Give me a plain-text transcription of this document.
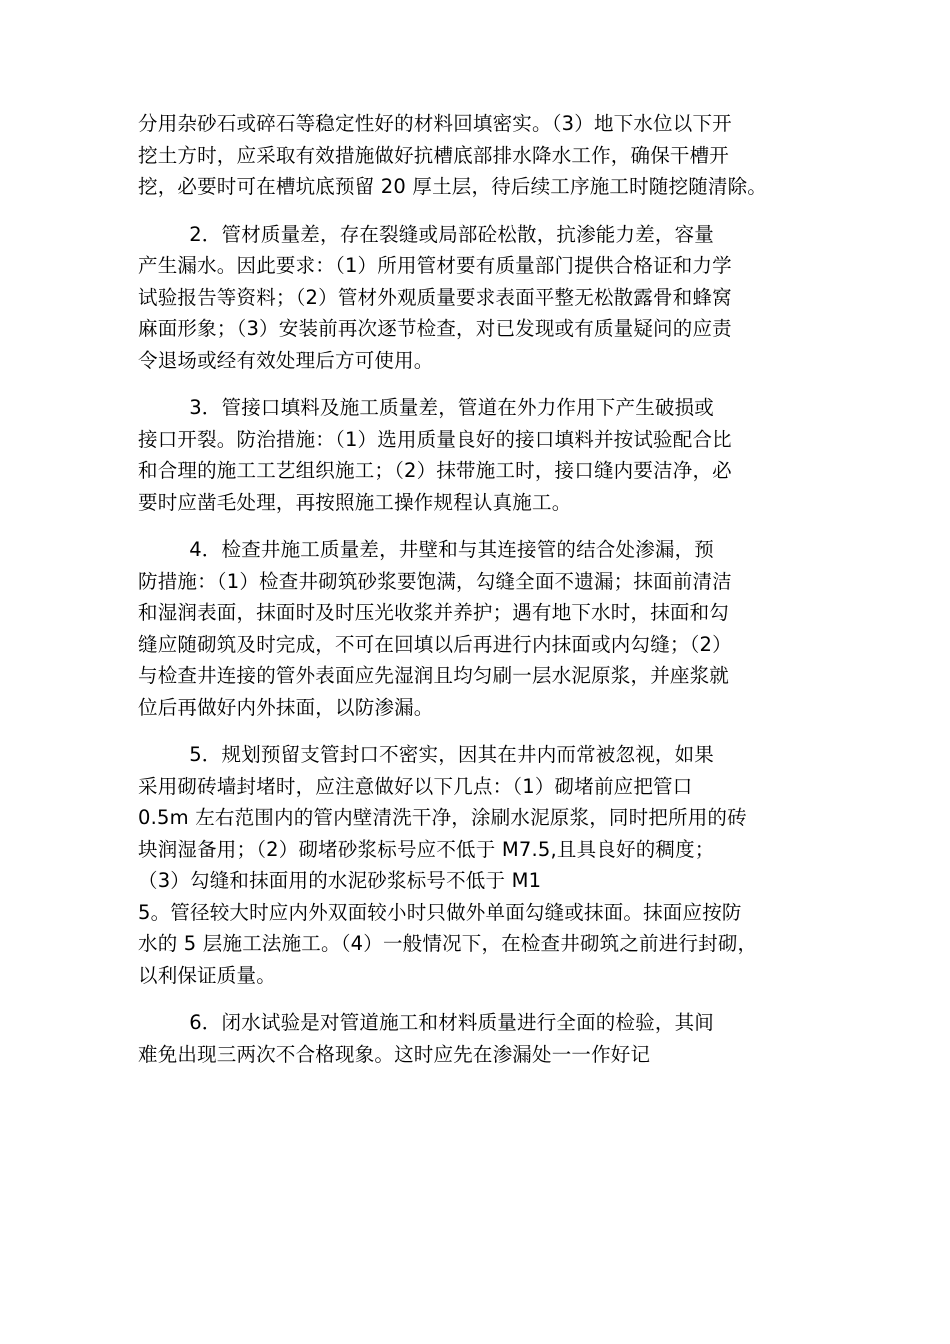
分用杂砂石或碎石等稳定性好的材料回填密实。（3）地下水位以下开
挖土方时，应采取有效措施做好抗槽底部排水降水工作，确保干槽开
挖，必要时可在槽坑底预留 20 厚土层，待后续工序施工时随挖随清除。
2．管材质量差，存在裂缝或局部砼松散，抗渗能力差，容量
产生漏水。因此要求：（1）所用管材要有质量部门提供合格证和力学
试验报告等资料；（2）管材外观质量要求表面平整无松散露骨和蜂窝
麻面形象；（3）安装前再次逐节检查，对已发现或有质量疑问的应责
令退场或经有效处理后方可使用。
3．管接口填料及施工质量差，管道在外力作用下产生破损或
接口开裂。防治措施：（1）选用质量良好的接口填料并按试验配合比
和合理的施工工艺组织施工；（2）抹带施工时，接口缝内要洁净，必
要时应凿毛处理，再按照施工操作规程认真施工。
4．检查井施工质量差，井壁和与其连接管的结合处渗漏，预
防措施：（1）检查井砌筑砂浆要饱满，勾缝全面不遗漏；抹面前清洁
和湿润表面，抹面时及时压光收浆并养护；遇有地下水时，抹面和勾
缝应随砌筑及时完成，不可在回填以后再进行内抹面或内勾缝；（2）
与检查井连接的管外表面应先湿润且均匀刷一层水泥原浆，并座浆就
位后再做好内外抹面，以防渗漏。
5．规划预留支管封口不密实，因其在井内而常被忽视，如果
采用砌砖墙封堵时，应注意做好以下几点：（1）砌堵前应把管口
0.5m 左右范围内的管内壁清洗干净，涂刷水泥原浆，同时把所用的砖
块润湿备用；（2）砌堵砂浆标号应不低于 M7.5,且具良好的稠度；
（3）勾缝和抹面用的水泥砂浆标号不低于 M1
5。管径较大时应内外双面较小时只做外单面勾缝或抹面。抹面应按防
水的 5 层施工法施工。（4）一般情况下，在检查井砌筑之前进行封砌，
以利保证质量。
6．闭水试验是对管道施工和材料质量进行全面的检验，其间
难免出现三两次不合格现象。这时应先在渗漏处一一作好记
